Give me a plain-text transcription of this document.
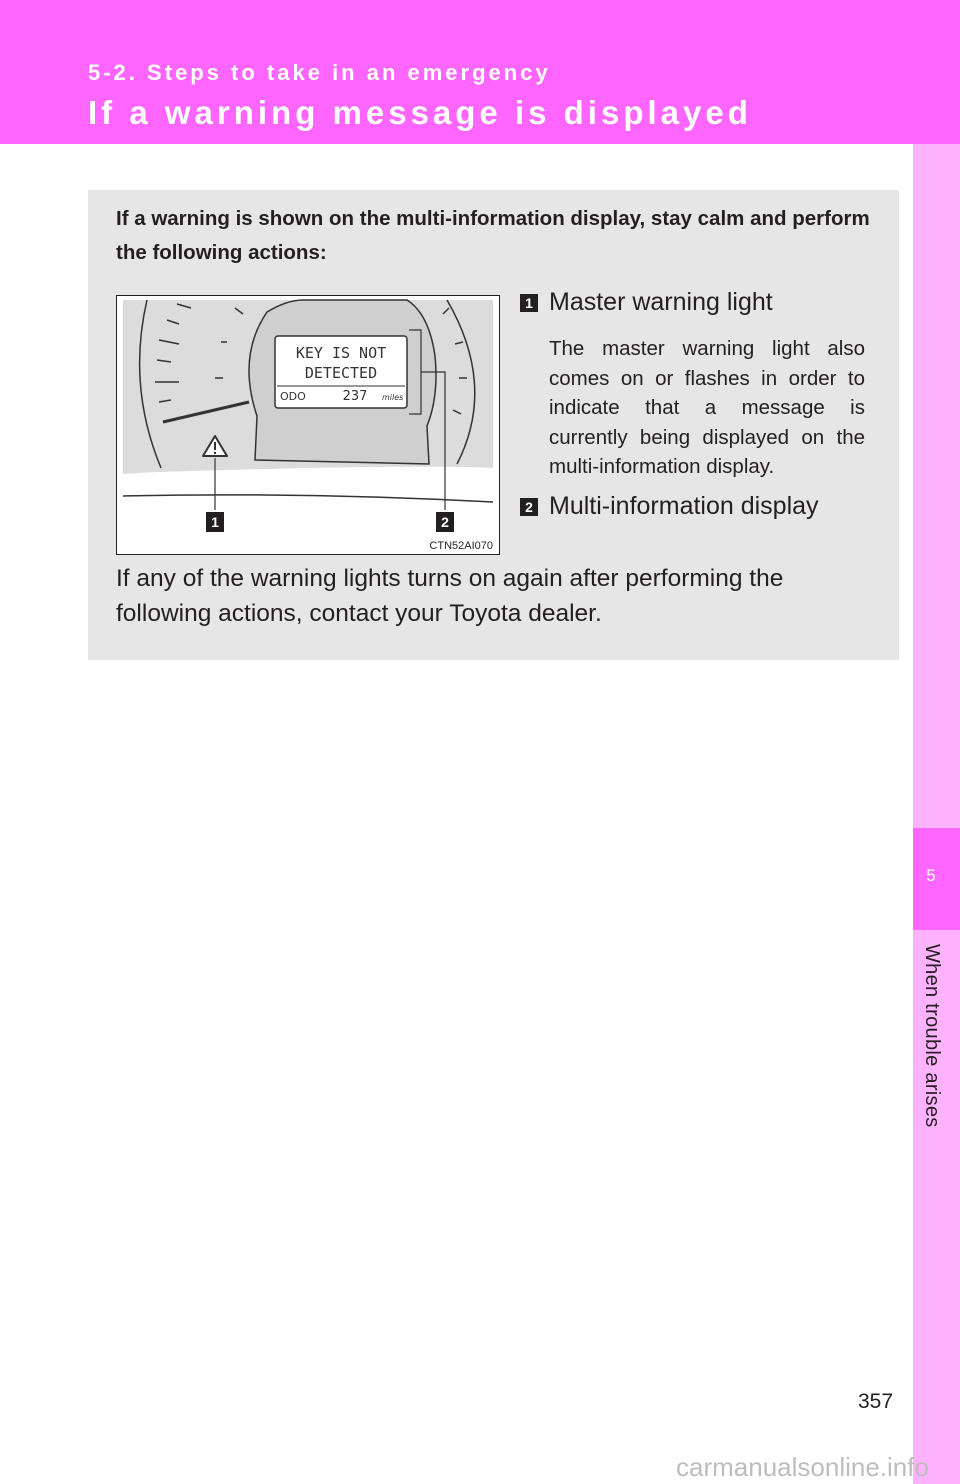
5-2. Steps to take in an emergency
If a warning message is displayed
5
When trouble arises
If a warning is shown on the multi-information display, stay calm and perform the following actions:
KEY IS NOT
DETECTED
ODO	237 miles
1	2
CTN52AI070
1 Master warning light
The master warning light also comes on or flashes in order to indicate that a message is currently being displayed on the multi-information display.
2 Multi-information display
If any of the warning lights turns on again after performing the following actions, contact your Toyota dealer.
357
carmanualsonline.info
